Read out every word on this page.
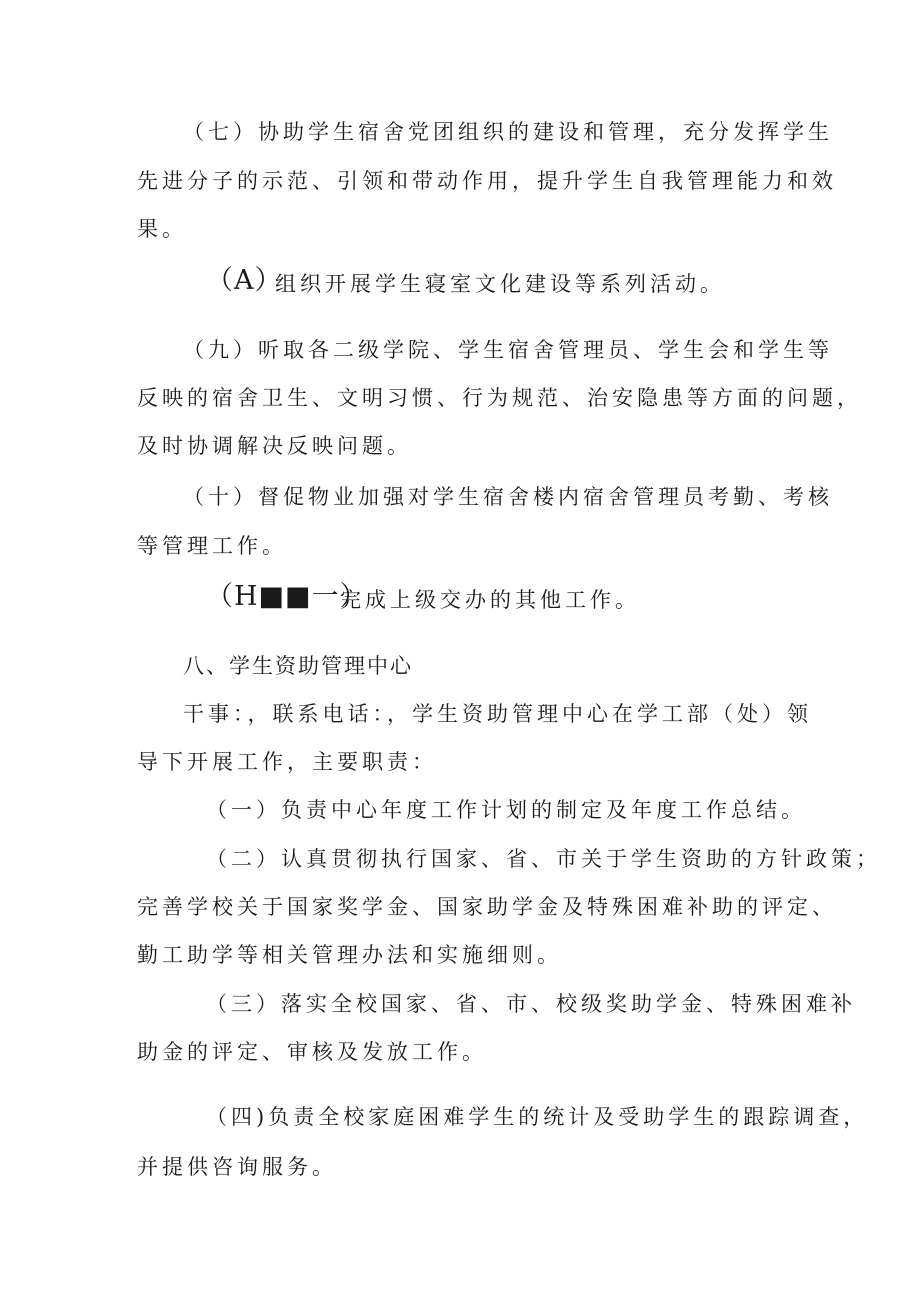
（七）协助学生宿舍党团组织的建设和管理，充分发挥学生
先进分子的示范、引领和带动作用，提升学生自我管理能力和效
果。
（A）
组织开展学生寝室文化建设等系列活动。
（九）听取各二级学院、学生宿舍管理员、学生会和学生等
反映的宿舍卫生、文明习惯、行为规范、治安隐患等方面的问题，
及时协调解决反映问题。
（十）督促物业加强对学生宿舍楼内宿舍管理员考勤、考核
等管理工作。
（H■■一）
完成上级交办的其他工作。
八、学生资助管理中心
干事：，联系电话：，学生资助管理中心在学工部（处）领
导下开展工作，主要职责：
（一）负责中心年度工作计划的制定及年度工作总结。
（二）认真贯彻执行国家、省、市关于学生资助的方针政策；
完善学校关于国家奖学金、国家助学金及特殊困难补助的评定、
勤工助学等相关管理办法和实施细则。
（三）落实全校国家、省、市、校级奖助学金、特殊困难补
助金的评定、审核及发放工作。
（四)负责全校家庭困难学生的统计及受助学生的跟踪调查，
并提供咨询服务。
